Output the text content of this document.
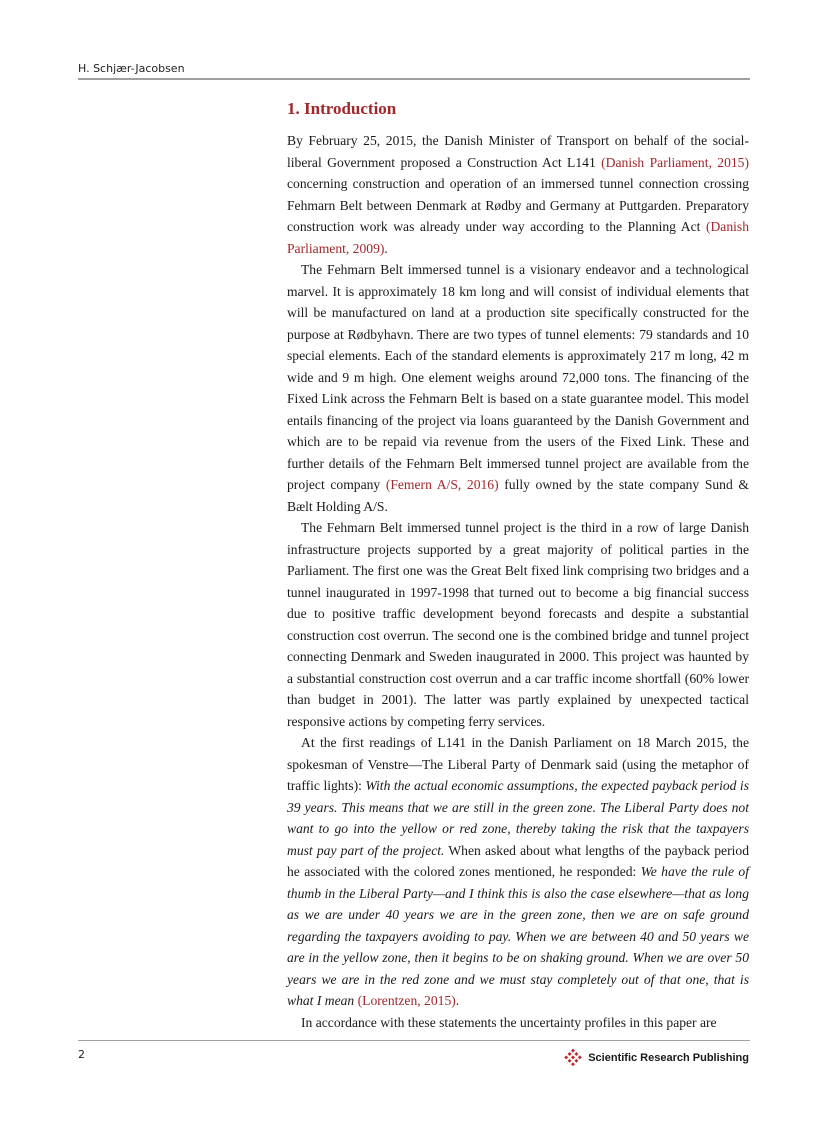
H. Schjær-Jacobsen
1. Introduction

By February 25, 2015, the Danish Minister of Transport on behalf of the social-liberal Government proposed a Construction Act L141 (Danish Parliament, 2015) concerning construction and operation of an immersed tunnel connection crossing Fehmarn Belt between Denmark at Rødby and Germany at Puttgarden. Preparatory construction work was already under way according to the Planning Act (Danish Parliament, 2009).

The Fehmarn Belt immersed tunnel is a visionary endeavor and a technological marvel. It is approximately 18 km long and will consist of individual elements that will be manufactured on land at a production site specifically constructed for the purpose at Rødbyhavn. There are two types of tunnel elements: 79 standards and 10 special elements. Each of the standard elements is approximately 217 m long, 42 m wide and 9 m high. One element weighs around 72,000 tons. The financing of the Fixed Link across the Fehmarn Belt is based on a state guarantee model. This model entails financing of the project via loans guaranteed by the Danish Government and which are to be repaid via revenue from the users of the Fixed Link. These and further details of the Fehmarn Belt immersed tunnel project are available from the project company (Femern A/S, 2016) fully owned by the state company Sund & Bælt Holding A/S.

The Fehmarn Belt immersed tunnel project is the third in a row of large Danish infrastructure projects supported by a great majority of political parties in the Parliament. The first one was the Great Belt fixed link comprising two bridges and a tunnel inaugurated in 1997-1998 that turned out to become a big financial success due to positive traffic development beyond forecasts and despite a substantial construction cost overrun. The second one is the combined bridge and tunnel project connecting Denmark and Sweden inaugurated in 2000. This project was haunted by a substantial construction cost overrun and a car traffic income shortfall (60% lower than budget in 2001). The latter was partly explained by unexpected tactical responsive actions by competing ferry services.

At the first readings of L141 in the Danish Parliament on 18 March 2015, the spokesman of Venstre—The Liberal Party of Denmark said (using the metaphor of traffic lights): With the actual economic assumptions, the expected payback period is 39 years. This means that we are still in the green zone. The Liberal Party does not want to go into the yellow or red zone, thereby taking the risk that the taxpayers must pay part of the project. When asked about what lengths of the payback period he associated with the colored zones mentioned, he responded: We have the rule of thumb in the Liberal Party—and I think this is also the case elsewhere—that as long as we are under 40 years we are in the green zone, then we are on safe ground regarding the taxpayers avoiding to pay. When we are between 40 and 50 years we are in the yellow zone, then it begins to be on shaking ground. When we are over 50 years we are in the red zone and we must stay completely out of that one, that is what I mean (Lorentzen, 2015).

In accordance with these statements the uncertainty profiles in this paper are

2	Scientific Research Publishing
